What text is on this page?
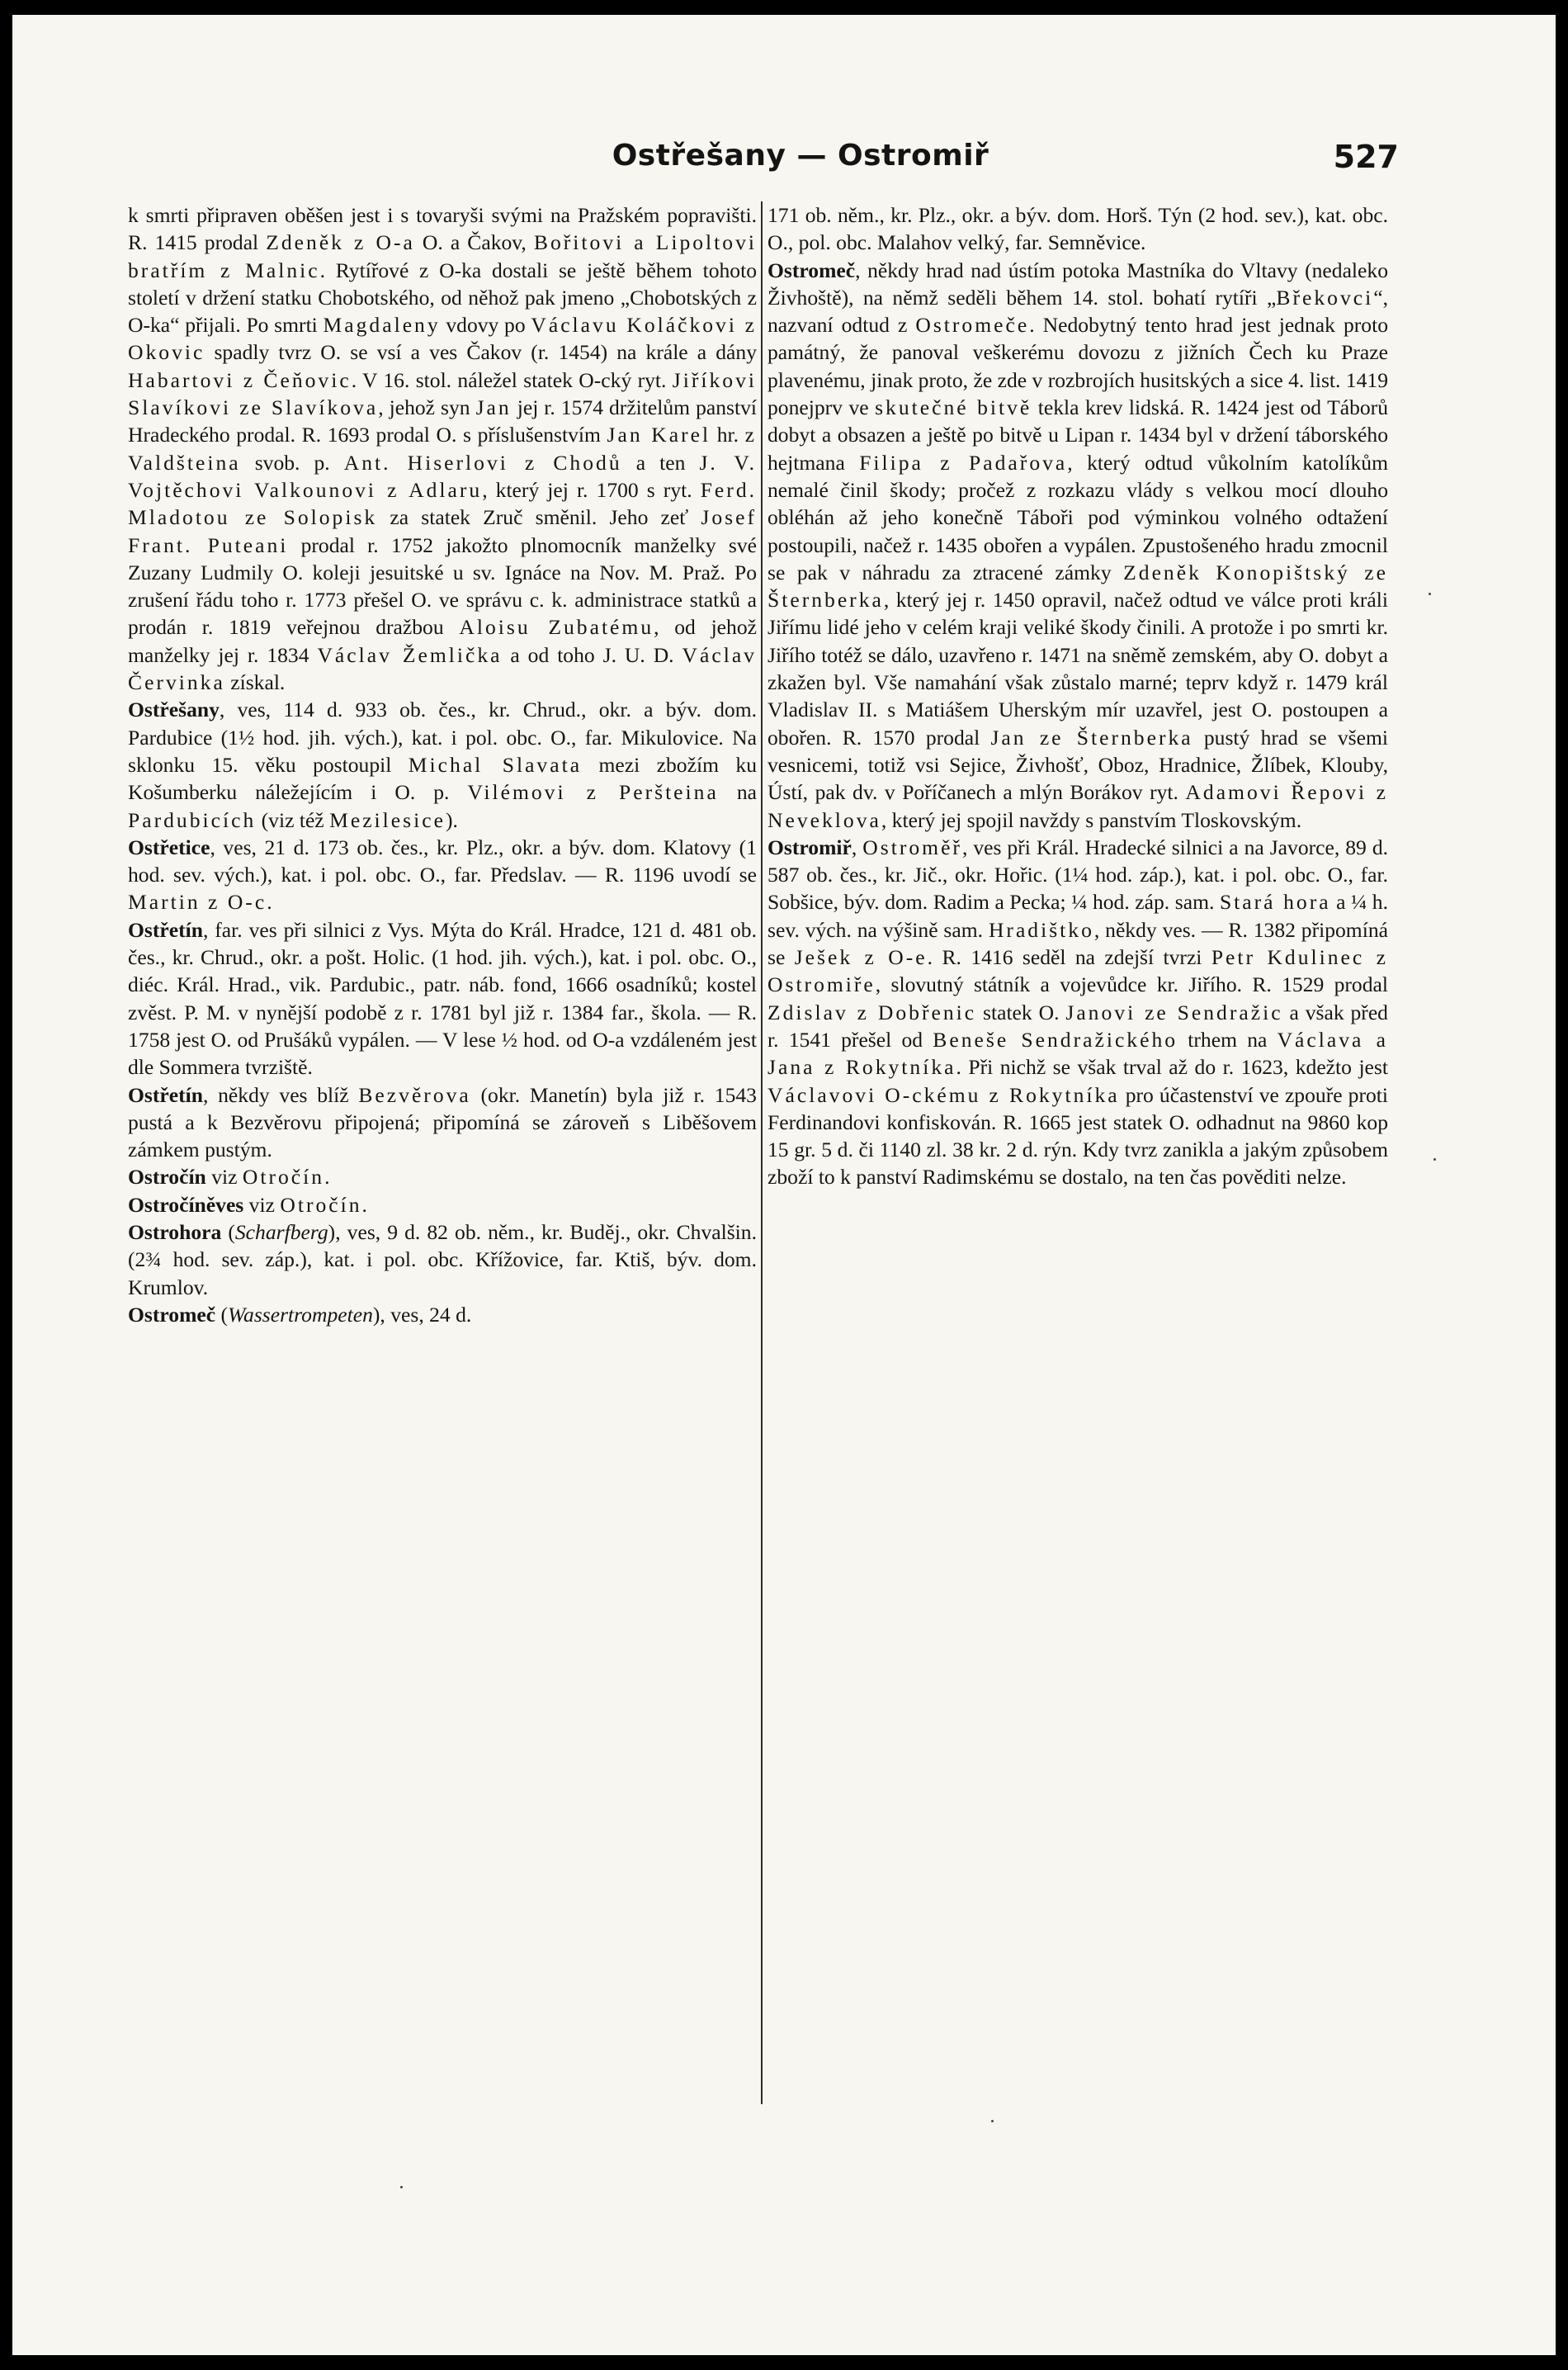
Ostřešany — Ostromiř	527

k smrti připraven oběšen jest i s tovaryši svými na Pražském popravišti. R. 1415 prodal Zdeněk z O-a O. a Čakov, Bořitovi a Lipoltovi bratřím z Malnic. Rytířové z O-ka dostali se ještě během tohoto století v držení statku Chobotského, od něhož pak jmeno „Chobotských z O-ka“ přijali. Po smrti Magdaleny vdovy po Václavu Koláčkovi z Okovic spadly tvrz O. se vsí a ves Čakov (r. 1454) na krále a dány Habartovi z Čeňovic. V 16. stol. náležel statek O-cký ryt. Jiříkovi Slavíkovi ze Slavíkova, jehož syn Jan jej r. 1574 držitelům panství Hradeckého prodal. R. 1693 prodal O. s příslušenstvím Jan Karel hr. z Valdšteina svob. p. Ant. Hiserlovi z Chodů a ten J. V. Vojtěchovi Valkounovi z Adlaru, který jej r. 1700 s ryt. Ferd. Mladotou ze Solopisk za statek Zruč směnil. Jeho zeť Josef Frant. Puteani prodal r. 1752 jakožto plnomocník manželky své Zuzany Ludmily O. koleji jesuitské u sv. Ignáce na Nov. M. Praž. Po zrušení řádu toho r. 1773 přešel O. ve správu c. k. administrace statků a prodán r. 1819 veřejnou dražbou Aloisu Zubatému, od jehož manželky jej r. 1834 Václav Žemlička a od toho J. U. D. Václav Červinka získal.

Ostřešany, ves, 114 d. 933 ob. čes., kr. Chrud., okr. a býv. dom. Pardubice (1½ hod. jih. vých.), kat. i pol. obc. O., far. Mikulovice. Na sklonku 15. věku postoupil Michal Slavata mezi zbožím ku Košumberku náležejícím i O. p. Vilémovi z Peršteina na Pardubicích (viz též Mezilesice).

Ostřetice, ves, 21 d. 173 ob. čes., kr. Plz., okr. a býv. dom. Klatovy (1 hod. sev. vých.), kat. i pol. obc. O., far. Předslav. — R. 1196 uvodí se Martin z O-c.

Ostřetín, far. ves při silnici z Vys. Mýta do Král. Hradce, 121 d. 481 ob. čes., kr. Chrud., okr. a pošt. Holic. (1 hod. jih. vých.), kat. i pol. obc. O., diéc. Král. Hrad., vik. Pardubic., patr. náb. fond, 1666 osadníků; kostel zvěst. P. M. v nynější podobě z r. 1781 byl již r. 1384 far., škola. — R. 1758 jest O. od Prušáků vypálen. — V lese ½ hod. od O-a vzdáleném jest dle Sommera tvrziště.

Ostřetín, někdy ves blíž Bezvěrova (okr. Manetín) byla již r. 1543 pustá a k Bezvěrovu připojená; připomíná se zároveň s Liběšovem zámkem pustým.

Ostročín viz Otročín.

Ostročíněves viz Otročín.

Ostrohora (Scharfberg), ves, 9 d. 82 ob. něm., kr. Buděj., okr. Chvalšin. (2¾ hod. sev. záp.), kat. i pol. obc. Křížovice, far. Ktiš, býv. dom. Krumlov.

Ostromeč (Wassertrompeten), ves, 24 d.

171 ob. něm., kr. Plz., okr. a býv. dom. Horš. Týn (2 hod. sev.), kat. obc. O., pol. obc. Malahov velký, far. Semněvice.

Ostromeč, někdy hrad nad ústím potoka Mastníka do Vltavy (nedaleko Živhoště), na němž seděli během 14. stol. bohatí rytíři „Břekovci“, nazvaní odtud z Ostromeče. Nedobytný tento hrad jest jednak proto památný, že panoval veškerému dovozu z jižních Čech ku Praze plavenému, jinak proto, že zde v rozbrojích husitských a sice 4. list. 1419 ponejprv ve skutečné bitvě tekla krev lidská. R. 1424 jest od Táborů dobyt a obsazen a ještě po bitvě u Lipan r. 1434 byl v držení táborského hejtmana Filipa z Padařova, který odtud vůkolním katolíkům nemalé činil škody; pročež z rozkazu vlády s velkou mocí dlouho obléhán až jeho konečně Táboři pod výminkou volného odtažení postoupili, načež r. 1435 obořen a vypálen. Zpustošeného hradu zmocnil se pak v náhradu za ztracené zámky Zdeněk Konopištský ze Šternberka, který jej r. 1450 opravil, načež odtud ve válce proti králi Jiřímu lidé jeho v celém kraji veliké škody činili. A protože i po smrti kr. Jiřího totéž se dálo, uzavřeno r. 1471 na sněmě zemském, aby O. dobyt a zkažen byl. Vše namahání však zůstalo marné; teprv když r. 1479 král Vladislav II. s Matiášem Uherským mír uzavřel, jest O. postoupen a obořen. R. 1570 prodal Jan ze Šternberka pustý hrad se všemi vesnicemi, totiž vsi Sejice, Živhošť, Oboz, Hradnice, Žlíbek, Klouby, Ústí, pak dv. v Poříčanech a mlýn Borákov ryt. Adamovi Řepovi z Neveklova, který jej spojil navždy s panstvím Tloskovským.

Ostromiř, Ostroměř, ves při Král. Hradecké silnici a na Javorce, 89 d. 587 ob. čes., kr. Jič., okr. Hořic. (1¼ hod. záp.), kat. i pol. obc. O., far. Sobšice, býv. dom. Radim a Pecka; ¼ hod. záp. sam. Stará hora a ¼ h. sev. vých. na výšině sam. Hradištko, někdy ves. — R. 1382 připomíná se Ješek z O-e. R. 1416 seděl na zdejší tvrzi Petr Kdulinec z Ostromiře, slovutný státník a vojevůdce kr. Jiřího. R. 1529 prodal Zdislav z Dobřenic statek O. Janovi ze Sendražic a však před r. 1541 přešel od Beneše Sendražického trhem na Václava a Jana z Rokytníka. Při nichž se však trval až do r. 1623, kdežto jest Václavovi O-ckému z Rokytníka pro účastenství ve zpouře proti Ferdinandovi konfiskován. R. 1665 jest statek O. odhadnut na 9860 kop 15 gr. 5 d. či 1140 zl. 38 kr. 2 d. rýn. Kdy tvrz zanikla a jakým způsobem zboží to k panství Radimskému se dostalo, na ten čas pověditi nelze.
